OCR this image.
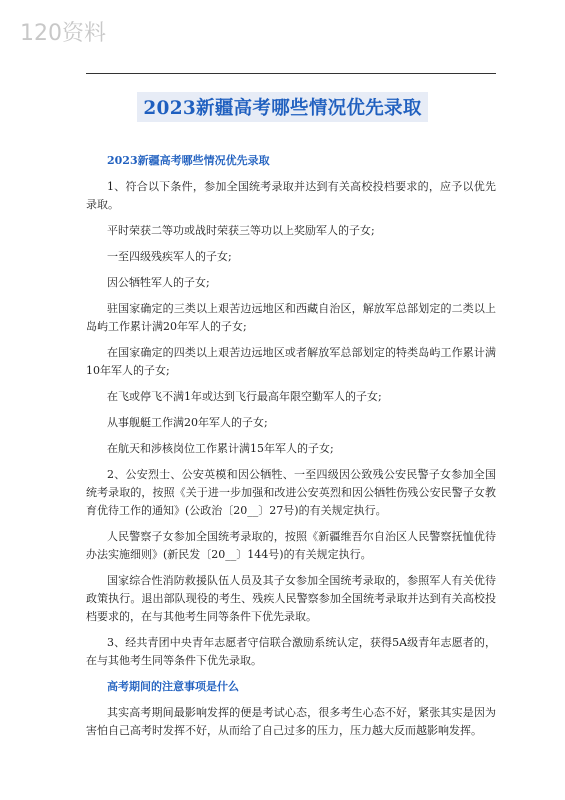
120资料
2023新疆高考哪些情况优先录取
2023新疆高考哪些情况优先录取

1、符合以下条件，参加全国统考录取并达到有关高校投档要求的，应予以优先录取。

平时荣获二等功或战时荣获三等功以上奖励军人的子女;

一至四级残疾军人的子女;

因公牺牲军人的子女;

驻国家确定的三类以上艰苦边远地区和西藏自治区，解放军总部划定的二类以上岛屿工作累计满20年军人的子女;

在国家确定的四类以上艰苦边远地区或者解放军总部划定的特类岛屿工作累计满10年军人的子女;

在飞或停飞不满1年或达到飞行最高年限空勤军人的子女;

从事舰艇工作满20年军人的子女;

在航天和涉核岗位工作累计满15年军人的子女;

2、公安烈士、公安英模和因公牺牲、一至四级因公致残公安民警子女参加全国统考录取的，按照《关于进一步加强和改进公安英烈和因公牺牲伤残公安民警子女教育优待工作的通知》(公政治〔20__〕27号)的有关规定执行。

人民警察子女参加全国统考录取的，按照《新疆维吾尔自治区人民警察抚恤优待办法实施细则》(新民发〔20__〕144号)的有关规定执行。

国家综合性消防救援队伍人员及其子女参加全国统考录取的，参照军人有关优待政策执行。退出部队现役的考生、残疾人民警察参加全国统考录取并达到有关高校投档要求的，在与其他考生同等条件下优先录取。

3、经共青团中央青年志愿者守信联合激励系统认定，获得5A级青年志愿者的，在与其他考生同等条件下优先录取。

高考期间的注意事项是什么

其实高考期间最影响发挥的便是考试心态，很多考生心态不好，紧张其实是因为害怕自己高考时发挥不好，从而给了自己过多的压力，压力越大反而越影响发挥。
